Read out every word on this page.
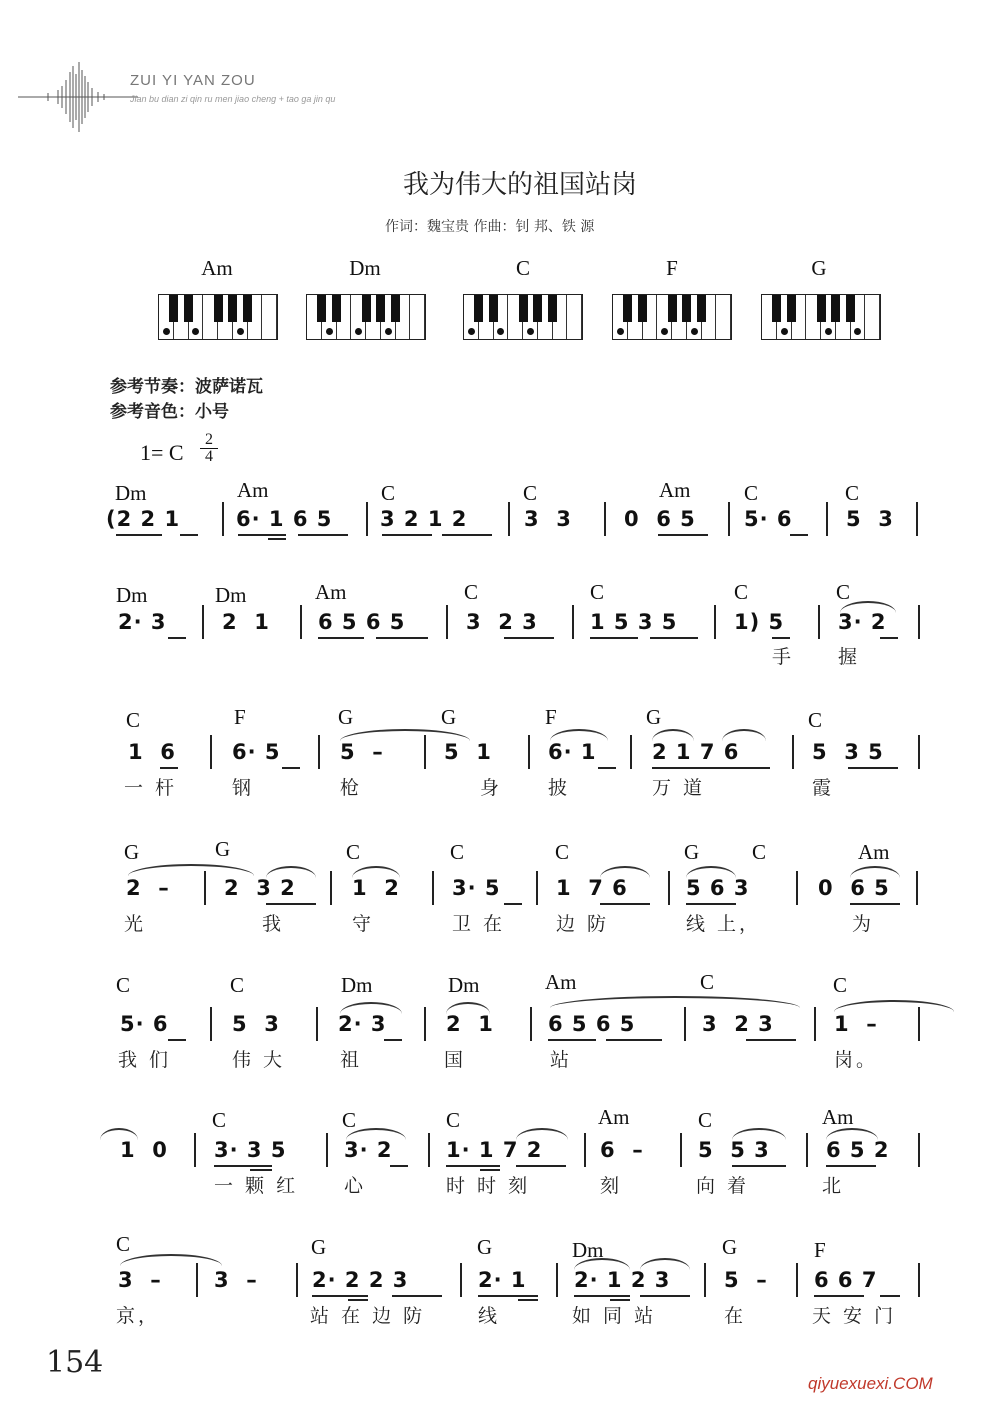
ZUI YI YAN ZOU
Jian bu dian zi qin ru men jiao cheng + tao ga jin qu
我为伟大的祖国站岗
作词：魏宝贵 作曲：钊 邦、铁 源
Am	Dm	C	F	G
参考节奏：波萨诺瓦
参考音色：小号
1= C
2
4
Dm	Am	C	C	Am	C	C
(2 2 1	6· 1 6 5 3 2 1 2	3  3 0  6 5 5· 6	5  3
Dm	Dm	Am	C	C	C	C
2· 3	2  1 6 5 6 5	3  2 3 1 5 3 5	1) 5	3· 2
手 握
C	F	G	G	F	G	C
1  6	6· 5	5  –	5  1	6· 1	2 1 7 6	5  3 5
一 杆	钢	枪	身 披	万 道	霞
G	G	C	C	C	G	C	Am
2  –	2  3 2	1  2 3· 5	1  7 6	5 6 3	0  6 5
光	我	守	卫 在	边 防	线 上，	为
C	C	Dm	Dm	Am	C	C
5· 6	5  3	2· 3	2  1	6 5 6 5	3  2 3	1  –
我 们	伟 大	祖	国	站	岗。
C	C	C	Am	C	Am
1  0 3· 3 5	3· 2	1· 1 7 2	6  –	5  5 3	6 5 2
一 颗 红 心	时 时 刻	刻	向 着	北
C	G	G	Dm	G	F
3  – 3  –	2· 2 2 3	2· 1 2· 1 2 3	5  – 6 6 7
京，	站 在 边 防	线	如 同 站	在	天 安 门
154
qiyuexuexi.COM
